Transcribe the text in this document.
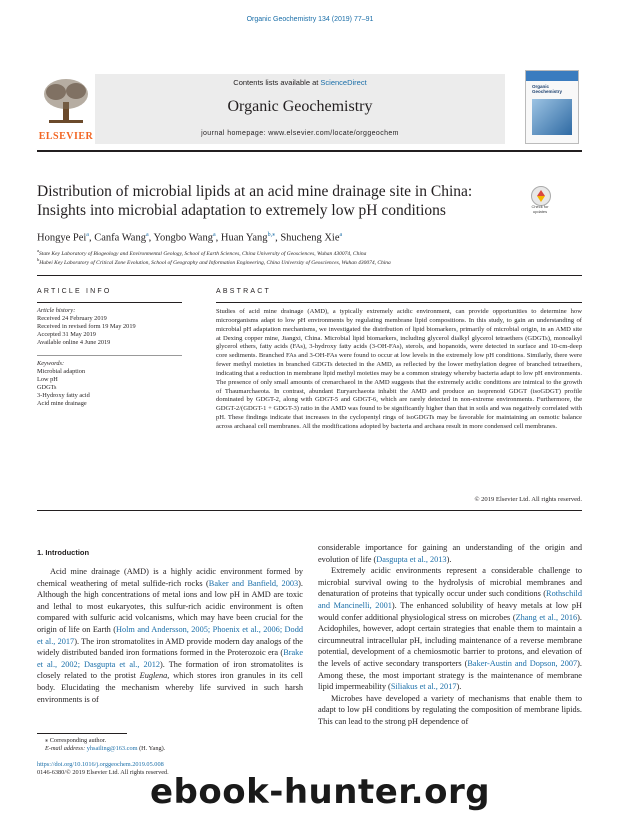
Organic Geochemistry 134 (2019) 77–91
ELSEVIER
Contents lists available at ScienceDirect
Organic Geochemistry
journal homepage: www.elsevier.com/locate/orggeochem
Organic Geochemistry
Distribution of microbial lipids at an acid mine drainage site in China:
Insights into microbial adaptation to extremely low pH conditions	Check for updates
Hongye Pei$^a$, Canfa Wang$^a$, Yongbo Wang$^a$, Huan Yang$^{b,⁎}$, Shucheng Xie$^a$
$^a$State Key Laboratory of Biogeology and Environmental Geology, School of Earth Sciences, China University of Geosciences, Wuhan 430074, China
$^b$Hubei Key Laboratory of Critical Zone Evolution, School of Geography and Information Engineering, China University of Geosciences, Wuhan 430074, China
ARTICLE INFO
Article history:
Received 24 February 2019
Received in revised form 19 May 2019
Accepted 31 May 2019
Available online 4 June 2019
Keywords:
Microbial adaption
Low pH
GDGTs
3-Hydroxy fatty acid
Acid mine drainage
ABSTRACT
Studies of acid mine drainage (AMD), a typically extremely acidic environment, can provide opportunities to determine how microorganisms adapt to low pH environments by regulating membrane lipid compositions. In this study, to gain an understanding of microbial pH adaptation mechanisms, we investigated the distribution of lipid biomarkers, primarily of microbial origin, in an AMD site at Dexing copper mine, Jiangxi, China. Microbial lipid biomarkers, including glycerol dialkyl glycerol tetraethers (GDGTs), monoalkyl glycerol ethers, fatty acids (FAs), 3-hydroxy fatty acids (3-OH-FAs), sterols, and hopanoids, were detected in surface and 10-cm-deep core sediments. Branched FAs and 3-OH-FAs were found to occur at low levels in the extremely low pH conditions. Similarly, there were fewer methyl moieties in branched GDGTs detected in the AMD, as reflected by the lower methylation degree of branched tetraethers, indicating that a reduction in membrane lipid methyl moieties may be a common strategy whereby bacteria adapt to low pH environments. The presence of only small amounts of crenarchaeol in the AMD suggests that the extremely acidic conditions are inimical to the growth of Thaumarchaeota. In contrast, abundant Euryarchaeota inhabit the AMD and produce an isoprenoid GDGT (isoGDGT) profile dominated by GDGT-2, along with GDGT-5 and GDGT-6, which are rarely detected in non-extreme environments. Furthermore, the GDGT-2/(GDGT-1 + GDGT-3) ratio in the AMD was found to be significantly higher than that in soils and was negatively correlated with pH. These findings indicate that increases in the cyclopentyl rings of isoGDGTs may be favorable for maintaining an osmotic balance across archaeal cell membranes. All the modifications adopted by bacteria and archaea result in more condensed cell membranes.
© 2019 Elsevier Ltd. All rights reserved.
1. Introduction

Acid mine drainage (AMD) is a highly acidic environment formed by chemical weathering of metal sulfide-rich rocks (Baker and Banfield, 2003). Although the high concentrations of metal ions and low pH in AMD are toxic and lethal to most eukaryotes, this sulfur-rich acidic environment is often compared with sulfuric acid volcanisms, which may have been crucial for the origin of life on Earth (Holm and Andersson, 2005; Phoenix et al., 2006; Dodd et al., 2017). The iron stromatolites in AMD provide modern day analogs of the widely distributed banded iron formations formed in the Proterozoic era (Brake et al., 2002; Dasgupta et al., 2012). The formation of iron stromatolites is closely related to the protist Euglena, which stores iron granules in its cell body. Elucidating the mechanism whereby life survived in such harsh environments is of

considerable importance for gaining an understanding of the origin and evolution of life (Dasgupta et al., 2013).

Extremely acidic environments represent a considerable challenge to microbial survival owing to the hydrolysis of microbial membranes and denaturation of proteins that typically occur under such conditions (Rothschild and Mancinelli, 2001). The enhanced solubility of heavy metals at low pH would confer additional physiological stress on microbes (Zhang et al., 2016). Acidophiles, however, adopt certain strategies that enable them to maintain a circumneutral intracellular pH, including maintenance of a reverse membrane potential, development of a chemiosmotic barrier to protons, and elevation of the levels of active secondary transporters (Baker-Austin and Dopson, 2007). Among these, the most important strategy is the maintenance of membrane lipid impermeability (Siliakus et al., 2017).

Microbes have developed a variety of mechanisms that enable them to adapt to low pH conditions by regulating the composition of membrane lipids. This can lead to the strong pH dependence of

⁎ Corresponding author.
E-mail address: yhsailing@163.com (H. Yang).
https://doi.org/10.1016/j.orggeochem.2019.05.008
0146-6380/© 2019 Elsevier Ltd. All rights reserved.
ebook-hunter.org
